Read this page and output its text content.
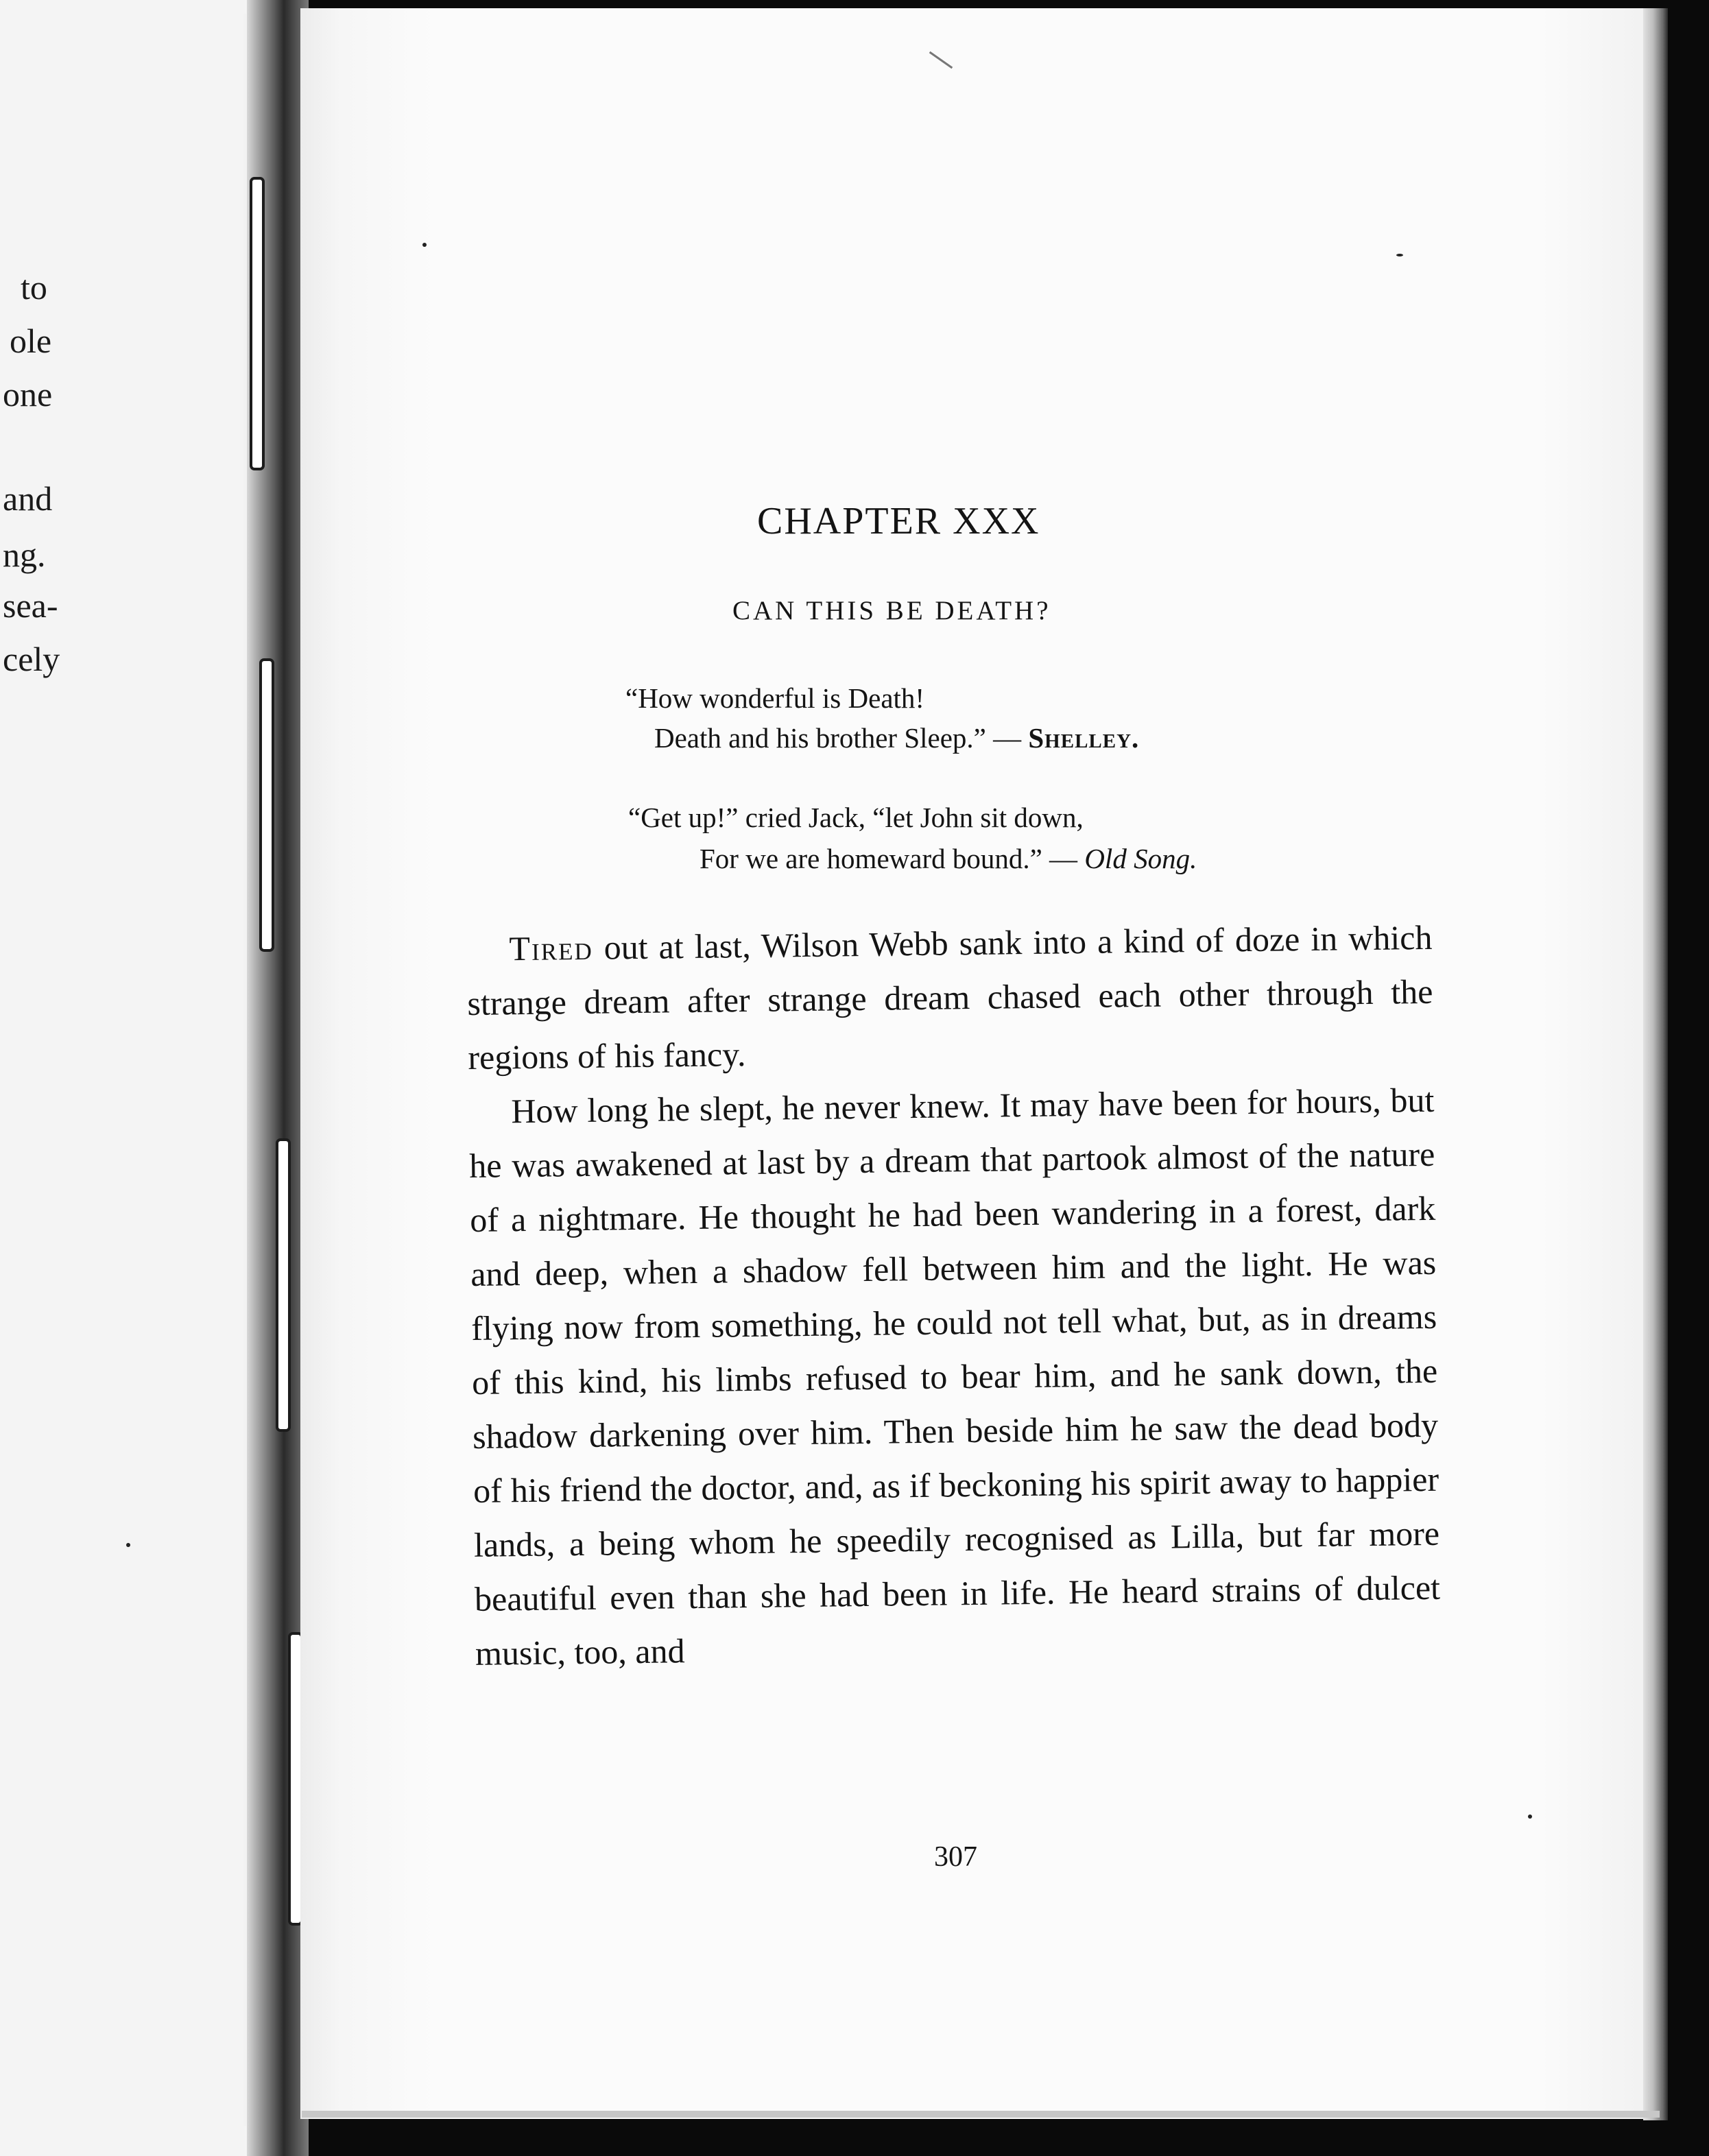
to
ole
one
and
ng.
sea-
cely
CHAPTER XXX
CAN THIS BE DEATH?
“How wonderful is Death!
Death and his brother Sleep.” — Shelley.
“Get up!” cried Jack, “let John sit down,
For we are homeward bound.” — Old Song.

Tired out at last, Wilson Webb sank into a kind of doze in which strange dream after strange dream chased each other through the regions of his fancy.

How long he slept, he never knew. It may have been for hours, but he was awakened at last by a dream that partook almost of the nature of a nightmare. He thought he had been wandering in a forest, dark and deep, when a shadow fell between him and the light. He was flying now from something, he could not tell what, but, as in dreams of this kind, his limbs refused to bear him, and he sank down, the shadow darkening over him. Then beside him he saw the dead body of his friend the doctor, and, as if beckoning his spirit away to happier lands, a being whom he speedily recognised as Lilla, but far more beautiful even than she had been in life. He heard strains of dulcet music, too, and

307
